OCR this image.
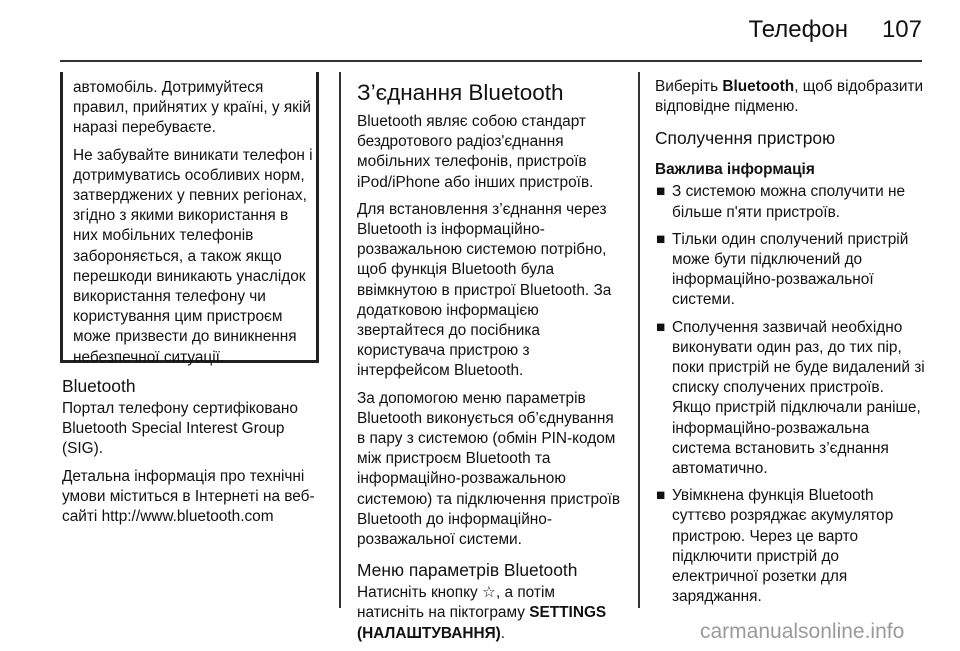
Телефон 107

автомобіль. Дотримуйтеся правил, прийнятих у країні, у якій наразі перебуваєте.

Не забувайте виникати телефон і дотримуватись особливих норм, затверджених у певних регіонах, згідно з якими використання в них мобільних телефонів забороняється, а також якщо перешкоди виникають унаслідок використання телефону чи користування цим пристроєм може призвести до виникнення небезпечної ситуації.

Bluetooth

Портал телефону сертифіковано Bluetooth Special Interest Group (SIG).

Детальна інформація про технічні умови міститься в Інтернеті на веб-сайті http://www.bluetooth.com

З’єднання Bluetooth

Bluetooth являє собою стандарт бездротового радіоз'єднання мобільних телефонів, пристроїв iPod/iPhone або інших пристроїв.

Для встановлення з’єднання через Bluetooth із інформаційно-розважальною системою потрібно, щоб функція Bluetooth була ввімкнутою в пристрої Bluetooth. За додатковою інформацією звертайтеся до посібника користувача пристрою з інтерфейсом Bluetooth.

За допомогою меню параметрів Bluetooth виконується об’єднування в пару з системою (обмін PIN-кодом між пристроєм Bluetooth та інформаційно-розважальною системою) та підключення пристроїв Bluetooth до інформаційно-розважальної системи.

Меню параметрів Bluetooth

Натисніть кнопку ☆, а потім натисніть на піктограму SETTINGS (НАЛАШТУВАННЯ).

Виберіть Bluetooth, щоб відобразити відповідне підменю.

Сполучення пристрою
Важлива інформація
■ З системою можна сполучити не більше п'яти пристроїв.
■ Тільки один сполучений пристрій може бути підключений до інформаційно-розважальної системи.
■ Сполучення зазвичай необхідно виконувати один раз, до тих пір, поки пристрій не буде видалений зі списку сполучених пристроїв. Якщо пристрій підключали раніше, інформаційно-розважальна система встановить з’єднання автоматично.
■ Увімкнена функція Bluetooth суттєво розряджає акумулятор пристрою. Через це варто підключити пристрій до електричної розетки для заряджання.
carmanualsonline.info
